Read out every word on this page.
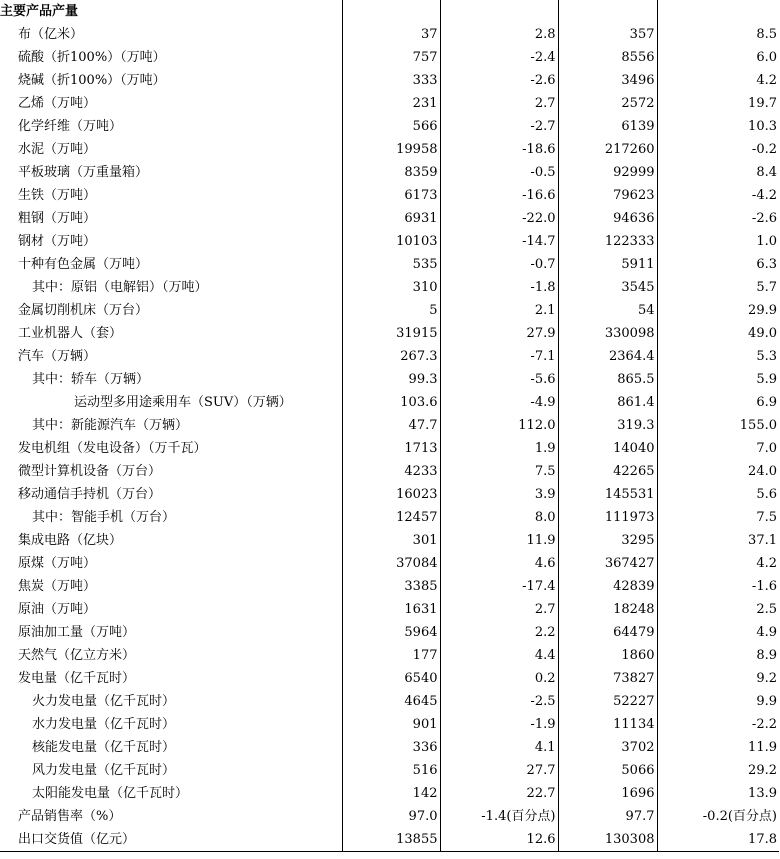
主要产品产量				
布（亿米）	37	2.8	357	8.5
硫酸（折100%）（万吨）	757	-2.4	8556	6.0
烧碱（折100%）（万吨）	333	-2.6	3496	4.2
乙烯（万吨）	231	2.7	2572	19.7
化学纤维（万吨）	566	-2.7	6139	10.3
水泥（万吨）	19958	-18.6	217260	-0.2
平板玻璃（万重量箱）	8359	-0.5	92999	8.4
生铁（万吨）	6173	-16.6	79623	-4.2
粗钢（万吨）	6931	-22.0	94636	-2.6
钢材（万吨）	10103	-14.7	122333	1.0
十种有色金属（万吨）	535	-0.7	5911	6.3
其中：原铝（电解铝）（万吨）	310	-1.8	3545	5.7
金属切削机床（万台）	5	2.1	54	29.9
工业机器人（套）	31915	27.9	330098	49.0
汽车（万辆）	267.3	-7.1	2364.4	5.3
其中：轿车（万辆）	99.3	-5.6	865.5	5.9
运动型多用途乘用车（SUV）（万辆）	103.6	-4.9	861.4	6.9
其中：新能源汽车（万辆）	47.7	112.0	319.3	155.0
发电机组（发电设备）（万千瓦）	1713	1.9	14040	7.0
微型计算机设备（万台）	4233	7.5	42265	24.0
移动通信手持机（万台）	16023	3.9	145531	5.6
其中：智能手机（万台）	12457	8.0	111973	7.5
集成电路（亿块）	301	11.9	3295	37.1
原煤（万吨）	37084	4.6	367427	4.2
焦炭（万吨）	3385	-17.4	42839	-1.6
原油（万吨）	1631	2.7	18248	2.5
原油加工量（万吨）	5964	2.2	64479	4.9
天然气（亿立方米）	177	4.4	1860	8.9
发电量（亿千瓦时）	6540	0.2	73827	9.2
火力发电量（亿千瓦时）	4645	-2.5	52227	9.9
水力发电量（亿千瓦时）	901	-1.9	11134	-2.2
核能发电量（亿千瓦时）	336	4.1	3702	11.9
风力发电量（亿千瓦时）	516	27.7	5066	29.2
太阳能发电量（亿千瓦时）	142	22.7	1696	13.9
产品销售率（%）	97.0	-1.4(百分点)	97.7	-0.2(百分点)
出口交货值（亿元）	13855	12.6	130308	17.8
